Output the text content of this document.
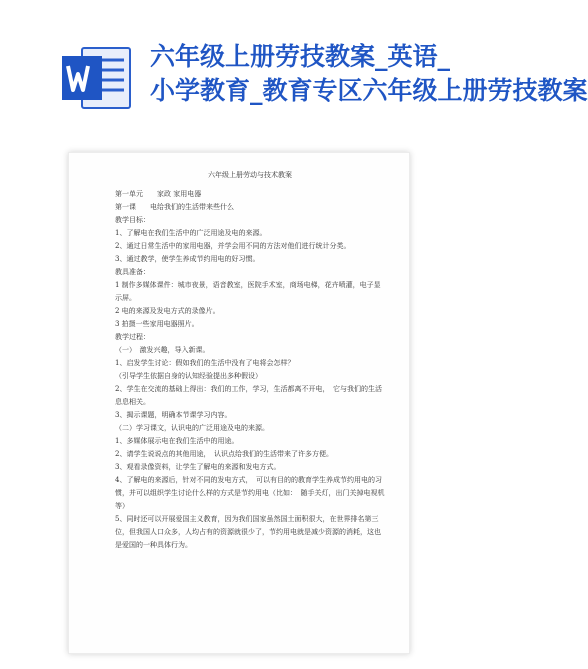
六年级上册劳技教案_英语_
小学教育_教育专区六年级上册劳技教案
六年级上册劳动与技术教案
第一单元　　家政 家用电器
第一课　　电给我们的生活带来些什么
教学目标：
1、了解电在我们生活中的广泛用途及电的来源。
2、通过日常生活中的家用电器，并学会用不同的方法对他们进行统计分类。
3、通过教学，使学生养成节约用电的好习惯。
教具准备：
1 制作多媒体课件：城市夜景，语音教室，医院手术室，商场电梯，花卉喷灌，电子显示屏。
2 电的来源及发电方式的录像片。
3 拍摄一些家用电器照片。
教学过程：
（一）　激发兴趣，导入新课。
1、启发学生讨论：假如我们的生活中没有了电将会怎样？
（引导学生依据自身的认知经验提出多种假设）
2、学生在交流的基础上得出：我们的工作，学习，生活都离不开电，　它与我们的生活息息相关。
3、揭示课题，明确本节课学习内容。
（二）学习课文，认识电的广泛用途及电的来源。
1、多媒体展示电在我们生活中的用途。
2、请学生说说点的其他用途，　认识点给我们的生活带来了许多方便。
3、观看录像资料，让学生了解电的来源和发电方式。
4、了解电的来源后，针对不同的发电方式，　可以有目的的教育学生养成节约用电的习惯，并可以组织学生讨论什么样的方式是节约用电（比如：　随手关灯，出门关掉电视机等）
5、同时还可以开展爱国主义教育，因为我们国家虽然国土面积很大，在世界排名第三位，但我国人口众多，人均占有的资源就很少了，节约用电就是减少资源的消耗，这也是爱国的一种具体行为。
